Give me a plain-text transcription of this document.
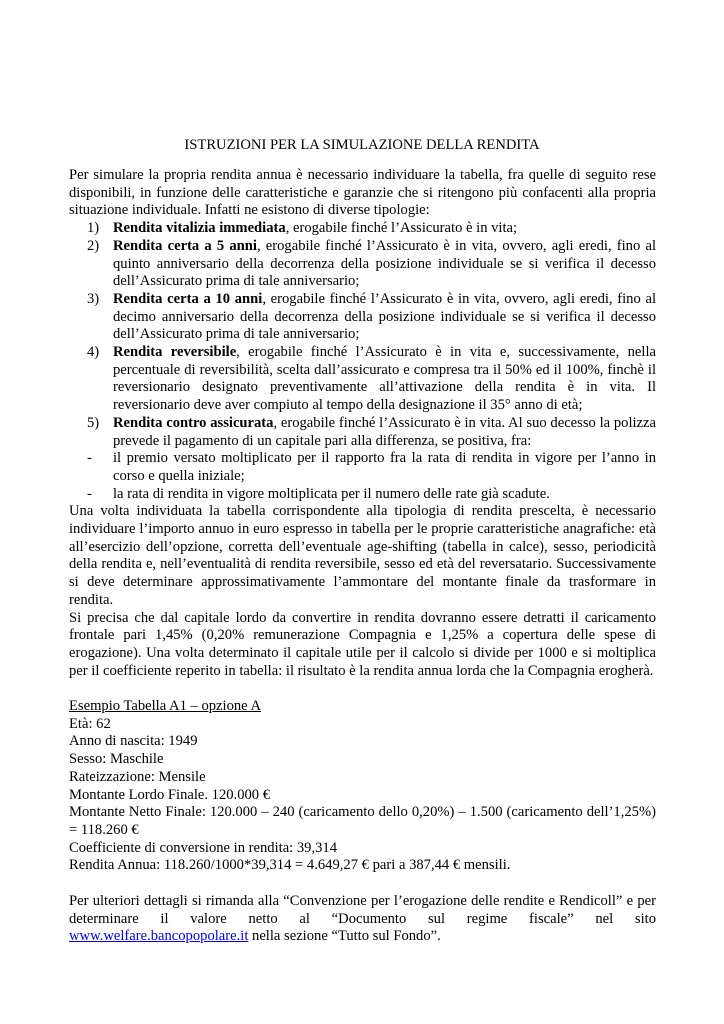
ISTRUZIONI PER LA SIMULAZIONE DELLA RENDITA

Per simulare la propria rendita annua è necessario individuare la tabella, fra quelle di seguito rese disponibili, in funzione delle caratteristiche e garanzie che si ritengono più confacenti alla propria situazione individuale. Infatti ne esistono di diverse tipologie:

1) Rendita vitalizia immediata, erogabile finché l’Assicurato è in vita;
2) Rendita certa a 5 anni, erogabile finché l’Assicurato è in vita, ovvero, agli eredi, fino al quinto anniversario della decorrenza della posizione individuale se si verifica il decesso dell’Assicurato prima di tale anniversario;
3) Rendita certa a 10 anni, erogabile finché l’Assicurato è in vita, ovvero, agli eredi, fino al decimo anniversario della decorrenza della posizione individuale se si verifica il decesso dell’Assicurato prima di tale anniversario;
4) Rendita reversibile, erogabile finché l’Assicurato è in vita e, successivamente, nella percentuale di reversibilità, scelta dall’assicurato e compresa tra il 50% ed il 100%, finchè il reversionario designato preventivamente all’attivazione della rendita è in vita. Il reversionario deve aver compiuto al tempo della designazione il 35° anno di età;
5) Rendita contro assicurata, erogabile finché l’Assicurato è in vita. Al suo decesso la polizza prevede il pagamento di un capitale pari alla differenza, se positiva, fra:
- il premio versato moltiplicato per il rapporto fra la rata di rendita in vigore per l’anno in corso e quella iniziale;
- la rata di rendita in vigore moltiplicata per il numero delle rate già scadute.

Una volta individuata la tabella corrispondente alla tipologia di rendita prescelta, è necessario individuare l’importo annuo in euro espresso in tabella per le proprie caratteristiche anagrafiche: età all’esercizio dell’opzione, corretta dell’eventuale age-shifting (tabella in calce), sesso, periodicità della rendita e, nell’eventualità di rendita reversibile, sesso ed età del reversatario. Successivamente si deve determinare approssimativamente l’ammontare del montante finale da trasformare in rendita.

Si precisa che dal capitale lordo da convertire in rendita dovranno essere detratti il caricamento frontale pari 1,45% (0,20% remunerazione Compagnia e 1,25% a copertura delle spese di erogazione). Una volta determinato il capitale utile per il calcolo si divide per 1000 e si moltiplica per il coefficiente reperito in tabella: il risultato è la rendita annua lorda che la Compagnia erogherà.

Esempio Tabella A1 – opzione A
Età: 62
Anno di nascita: 1949
Sesso: Maschile
Rateizzazione: Mensile
Montante Lordo Finale. 120.000 €

Montante Netto Finale: 120.000 – 240 (caricamento dello 0,20%) – 1.500 (caricamento dell’1,25%) = 118.260 €

Coefficiente di conversione in rendita: 39,314
Rendita Annua: 118.260/1000*39,314 = 4.649,27 € pari a 387,44 € mensili.

Per ulteriori dettagli si rimanda alla “Convenzione per l’erogazione delle rendite e Rendicoll” e per determinare il valore netto al “Documento sul regime fiscale” nel sito www.welfare.bancopopolare.it nella sezione “Tutto sul Fondo”.
